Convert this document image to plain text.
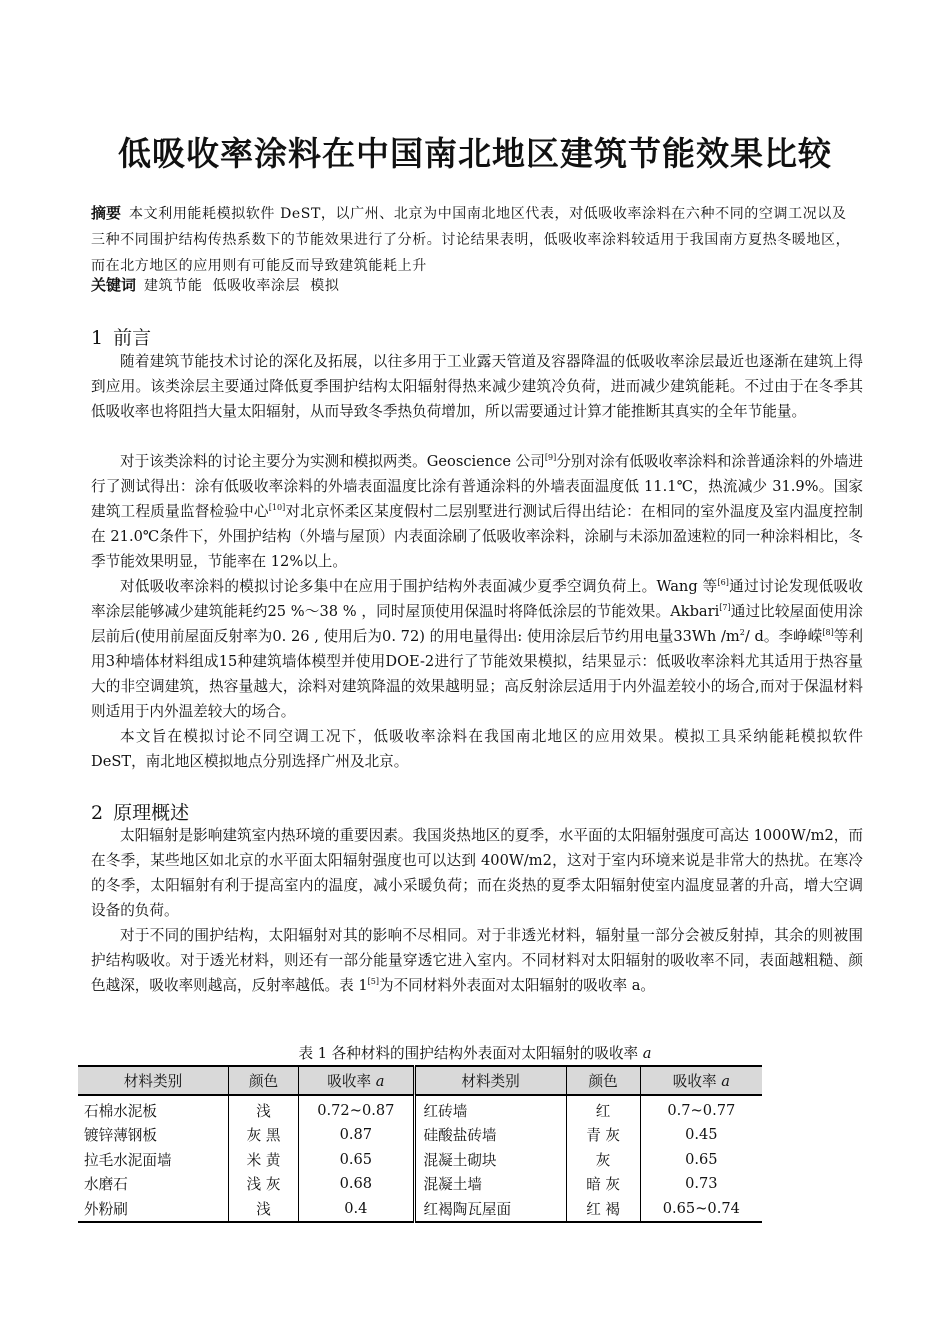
低吸收率涂料在中国南北地区建筑节能效果比较
摘要 本文利用能耗模拟软件 DeST，以广州、北京为中国南北地区代表，对低吸收率涂料在六种不同的空调工况以及三种不同围护结构传热系数下的节能效果进行了分析。讨论结果表明，低吸收率涂料较适用于我国南方夏热冬暖地区，而在北方地区的应用则有可能反而导致建筑能耗上升
关键词 建筑节能  低吸收率涂层  模拟
1 前言

随着建筑节能技术讨论的深化及拓展，以往多用于工业露天管道及容器降温的低吸收率涂层最近也逐渐在建筑上得到应用。该类涂层主要通过降低夏季围护结构太阳辐射得热来减少建筑冷负荷，进而减少建筑能耗。不过由于在冬季其低吸收率也将阻挡大量太阳辐射，从而导致冬季热负荷增加，所以需要通过计算才能推断其真实的全年节能量。

对于该类涂料的讨论主要分为实测和模拟两类。Geoscience 公司[9]分别对涂有低吸收率涂料和涂普通涂料的外墙进行了测试得出：涂有低吸收率涂料的外墙表面温度比涂有普通涂料的外墙表面温度低 11.1℃，热流减少 31.9%。国家建筑工程质量监督检验中心[10]对北京怀柔区某度假村二层别墅进行测试后得出结论：在相同的室外温度及室内温度控制在 21.0℃条件下，外围护结构（外墙与屋顶）内表面涂刷了低吸收率涂料，涂刷与未添加盈速粒的同一种涂料相比，冬季节能效果明显，节能率在 12%以上。

对低吸收率涂料的模拟讨论多集中在应用于围护结构外表面减少夏季空调负荷上。Wang 等[6]通过讨论发现低吸收率涂层能够减少建筑能耗约25 %～38 % ，同时屋顶使用保温时将降低涂层的节能效果。Akbari[7]通过比较屋面使用涂层前后(使用前屋面反射率为0. 26 , 使用后为0. 72) 的用电量得出: 使用涂层后节约用电量33Wh $/m^2/$ d。李峥嵘[8]等利用3种墙体材料组成15种建筑墙体模型并使用DOE-2进行了节能效果模拟，结果显示：低吸收率涂料尤其适用于热容量大的非空调建筑，热容量越大，涂料对建筑降温的效果越明显；高反射涂层适用于内外温差较小的场合,而对于保温材料则适用于内外温差较大的场合。

本文旨在模拟讨论不同空调工况下，低吸收率涂料在我国南北地区的应用效果。模拟工具采纳能耗模拟软件 DeST，南北地区模拟地点分别选择广州及北京。

2 原理概述

太阳辐射是影响建筑室内热环境的重要因素。我国炎热地区的夏季，水平面的太阳辐射强度可高达 1000W/m2，而在冬季，某些地区如北京的水平面太阳辐射强度也可以达到 400W/m2，这对于室内环境来说是非常大的热扰。在寒冷的冬季，太阳辐射有利于提高室内的温度，减小采暖负荷；而在炎热的夏季太阳辐射使室内温度显著的升高，增大空调设备的负荷。

对于不同的围护结构，太阳辐射对其的影响不尽相同。对于非透光材料，辐射量一部分会被反射掉，其余的则被围护结构吸收。对于透光材料，则还有一部分能量穿透它进入室内。不同材料对太阳辐射的吸收率不同，表面越粗糙、颜色越深，吸收率则越高，反射率越低。表 1[5]为不同材料外表面对太阳辐射的吸收率 a。

表 1 各种材料的围护结构外表面对太阳辐射的吸收率 a
材料类别	颜色	吸收率 a	材料类别	颜色	吸收率 a
石棉水泥板	浅	0.72~0.87	红砖墙	红	0.7~0.77
镀锌薄钢板	灰 黑	0.87	硅酸盐砖墙	青 灰	0.45
拉毛水泥面墙	米 黄	0.65	混凝土砌块	灰	0.65
水磨石	浅 灰	0.68	混凝土墙	暗 灰	0.73
外粉刷	浅	0.4	红褐陶瓦屋面	红 褐	0.65~0.74
